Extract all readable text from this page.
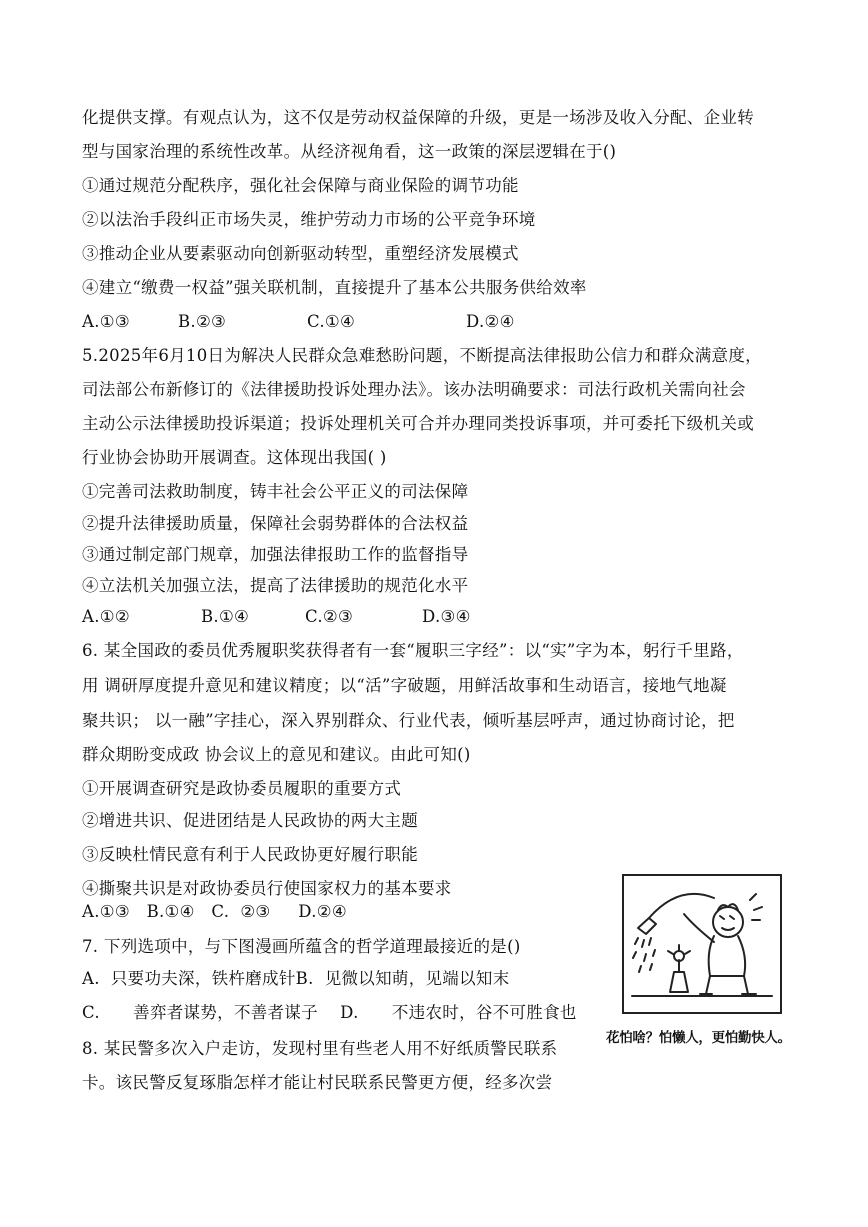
化提供支撑。有观点认为，这不仅是劳动权益保障的升级，更是一场涉及收入分配、企业转
型与国家治理的系统性改革。从经济视角看，这一政策的深层逻辑在于()
①通过规范分配秩序，强化社会保障与商业保险的调节功能
②以法治手段纠正市场失灵，维护劳动力市场的公平竞争环境
③推动企业从要素驱动向创新驱动转型，重塑经济发展模式
④建立“缴费一权益”强关联机制，直接提升了基本公共服务供给效率
A.①③	B.②③	C.①④	D.②④
5.2025年6月10日为解决人民群众急难愁盼问题，不断提高法律报助公信力和群众满意度，
司法部公布新修订的《法律援助投诉处理办法》。该办法明确要求：司法行政机关需向社会
主动公示法律援助投诉渠道；投诉处理机关可合并办理同类投诉事项，并可委托下级机关或
行业协会协助开展调查。这体现出我国( )
①完善司法救助制度，铸丰社会公平正义的司法保障
②提升法律援助质量，保障社会弱势群体的合法权益
③通过制定部门规章，加强法律报助工作的监督指导
④立法机关加强立法，提高了法律援助的规范化水平
A.①②	B.①④	C.②③	D.③④
6. 某全国政的委员优秀履职奖获得者有一套“履职三字经”：以“实”字为本，躬行千里路，
用 调研厚度提升意见和建议精度；以“活”字破题，用鲜活故事和生动语言，接地气地凝
聚共识； 以一融”字挂心，深入界别群众、行业代表，倾听基层呼声，通过协商讨论，把
群众期盼变成政 协会议上的意见和建议。由此可知()
①开展调查研究是政协委员履职的重要方式
②增进共识、促进团结是人民政协的两大主题
③反映杜情民意有利于人民政协更好履行职能
④撕聚共识是对政协委员行使国家权力的基本要求
A.①③   B.①④   C.  ②③     D.②④
7. 下列选项中，与下图漫画所蕴含的哲学道理最接近的是()
A.  只要功夫深，铁杵磨成针B.  见微以知萌，见端以知末
C.      善弈者谋势，不善者谋子    D.      不违农时，谷不可胜食也
花怕啥？怕懒人，更怕勤快人。
8. 某民警多次入户走访，发现村里有些老人用不好纸质警民联系
卡。该民警反复琢脂怎样才能让村民联系民警更方便，经多次尝
